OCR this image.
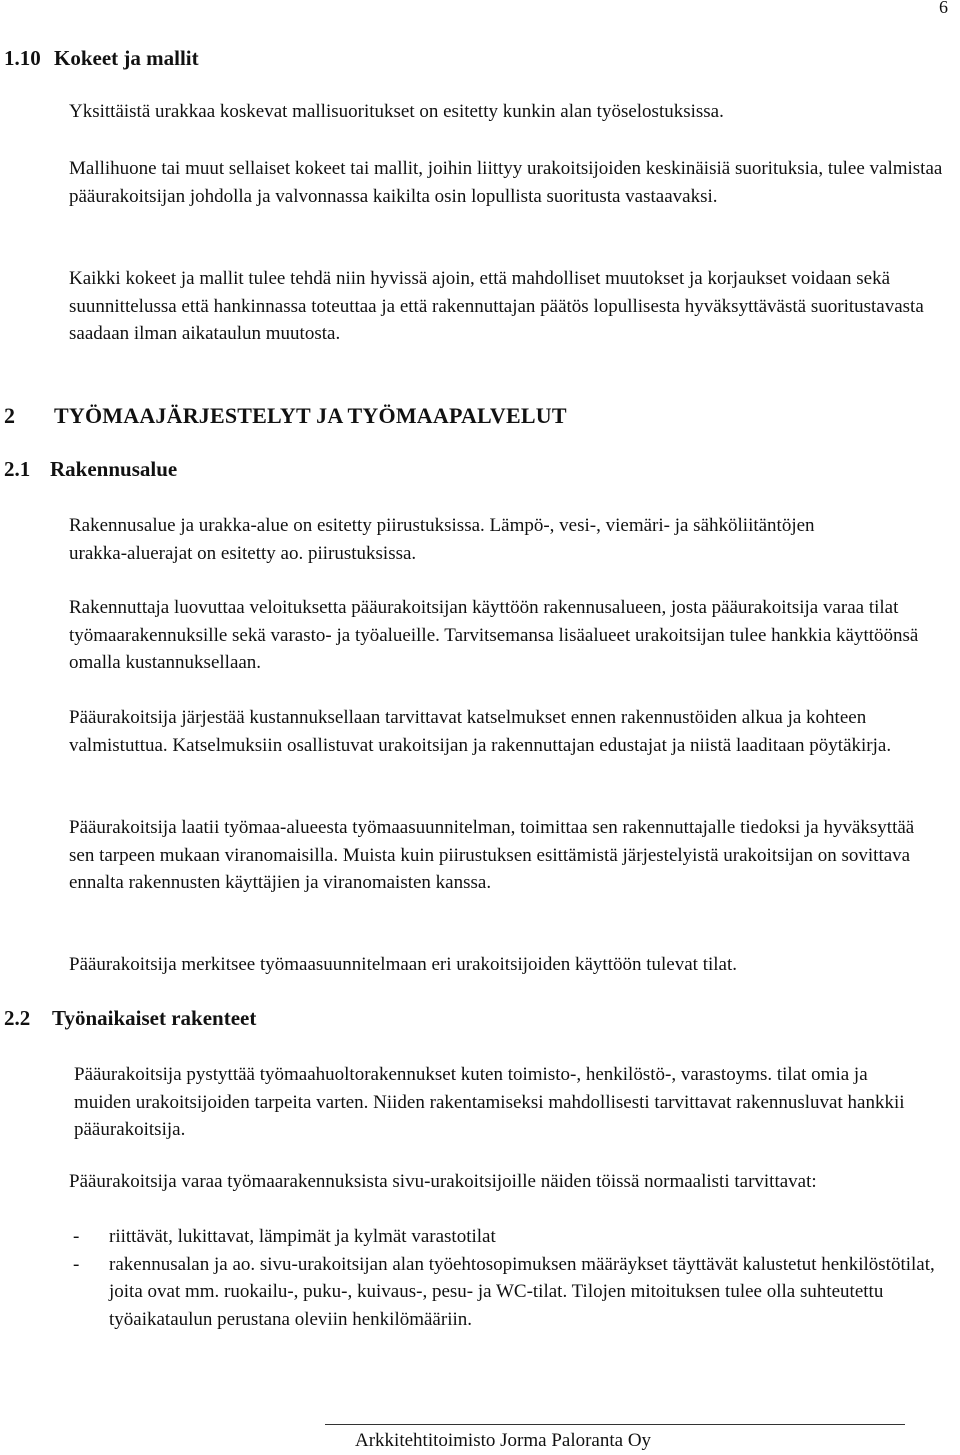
6
1.10 Kokeet ja mallit

Yksittäistä urakkaa koskevat mallisuoritukset on esitetty kunkin alan työselostuksissa.

Mallihuone tai muut sellaiset kokeet tai mallit, joihin liittyy urakoitsijoiden keskinäisiä suorituksia, tulee valmistaa pääurakoitsijan johdolla ja valvonnassa kaikilta osin lopullista suoritusta vastaavaksi.

Kaikki kokeet ja mallit tulee tehdä niin hyvissä ajoin, että mahdolliset muutokset ja korjaukset voidaan sekä suunnittelussa että hankinnassa toteuttaa ja että rakennuttajan päätös lopullisesta hyväksyttävästä suoritustavasta saadaan ilman aikataulun muutosta.

2 TYÖMAAJÄRJESTELYT JA TYÖMAAPALVELUT
2.1 Rakennusalue

Rakennusalue ja urakka-alue on esitetty piirustuksissa. Lämpö-, vesi-, viemäri- ja sähköliitäntöjen urakka-aluerajat on esitetty ao. piirustuksissa.

Rakennuttaja luovuttaa veloituksetta pääurakoitsijan käyttöön rakennusalueen, josta pääurakoitsija varaa tilat työmaarakennuksille sekä varasto- ja työalueille. Tarvitsemansa lisäalueet urakoitsijan tulee hankkia käyttöönsä omalla kustannuksellaan.

Pääurakoitsija järjestää kustannuksellaan tarvittavat katselmukset ennen rakennustöiden alkua ja kohteen valmistuttua. Katselmuksiin osallistuvat urakoitsijan ja rakennuttajan edustajat ja niistä laaditaan pöytäkirja.

Pääurakoitsija laatii työmaa-alueesta työmaasuunnitelman, toimittaa sen rakennuttajalle tiedoksi ja hyväksyttää sen tarpeen mukaan viranomaisilla. Muista kuin piirustuksen esittämistä järjestelyistä urakoitsijan on sovittava ennalta rakennusten käyttäjien ja viranomaisten kanssa.

Pääurakoitsija merkitsee työmaasuunnitelmaan eri urakoitsijoiden käyttöön tulevat tilat.

2.2 Työnaikaiset rakenteet

Pääurakoitsija pystyttää työmaahuoltorakennukset kuten toimisto-, henkilöstö-, varastoyms. tilat omia ja muiden urakoitsijoiden tarpeita varten. Niiden rakentamiseksi mahdollisesti tarvittavat rakennusluvat hankkii pääurakoitsija.

Pääurakoitsija varaa työmaarakennuksista sivu-urakoitsijoille näiden töissä normaalisti tarvittavat:

- riittävät, lukittavat, lämpimät ja kylmät varastotilat
- rakennusalan ja ao. sivu-urakoitsijan alan työehtosopimuksen määräykset täyttävät kalustetut henkilöstötilat, joita ovat mm. ruokailu-, puku-, kuivaus-, pesu- ja WC-tilat. Tilojen mitoituksen tulee olla suhteutettu työaikataulun perustana oleviin henkilömääriin.
Arkkitehtitoimisto Jorma Paloranta Oy
